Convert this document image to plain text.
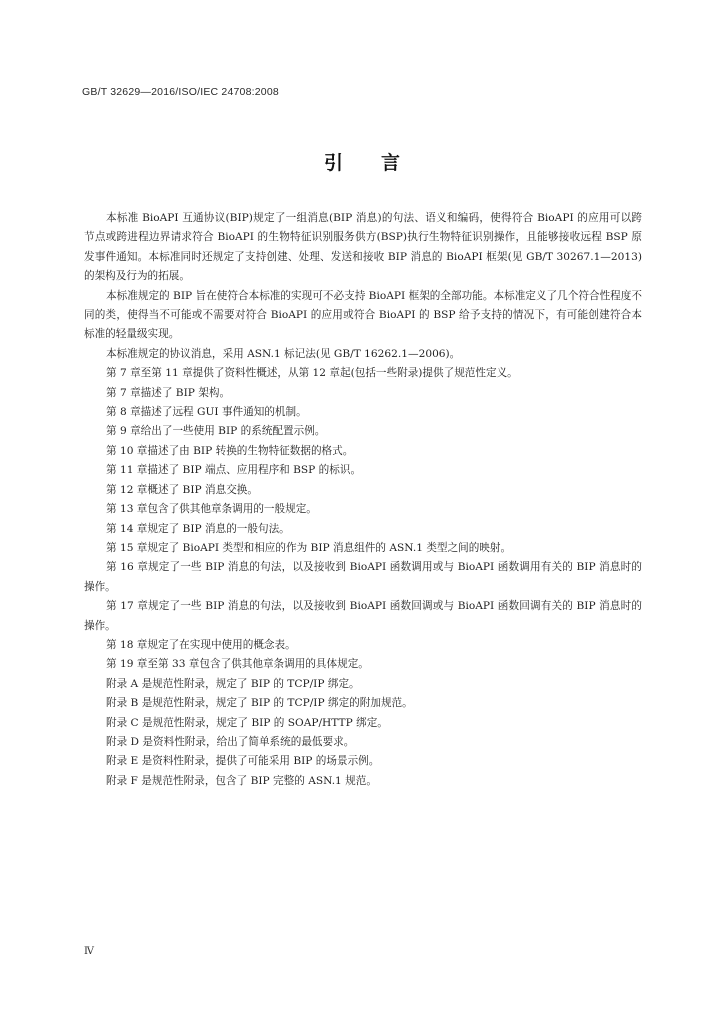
GB/T 32629—2016/ISO/IEC 24708:2008
引言

本标准 BioAPI 互通协议(BIP)规定了一组消息(BIP 消息)的句法、语义和编码，使得符合 BioAPI 的应用可以跨节点或跨进程边界请求符合 BioAPI 的生物特征识别服务供方(BSP)执行生物特征识别操作，且能够接收远程 BSP 原发事件通知。本标准同时还规定了支持创建、处理、发送和接收 BIP 消息的 BioAPI 框架(见 GB/T 30267.1—2013)的架构及行为的拓展。

本标准规定的 BIP 旨在使符合本标准的实现可不必支持 BioAPI 框架的全部功能。本标准定义了几个符合性程度不同的类，使得当不可能或不需要对符合 BioAPI 的应用或符合 BioAPI 的 BSP 给予支持的情况下，有可能创建符合本标准的轻量级实现。

本标准规定的协议消息，采用 ASN.1 标记法(见 GB/T 16262.1—2006)。

第 7 章至第 11 章提供了资料性概述，从第 12 章起(包括一些附录)提供了规范性定义。

第 7 章描述了 BIP 架构。

第 8 章描述了远程 GUI 事件通知的机制。

第 9 章给出了一些使用 BIP 的系统配置示例。

第 10 章描述了由 BIP 转换的生物特征数据的格式。

第 11 章描述了 BIP 端点、应用程序和 BSP 的标识。

第 12 章概述了 BIP 消息交换。

第 13 章包含了供其他章条调用的一般规定。

第 14 章规定了 BIP 消息的一般句法。

第 15 章规定了 BioAPI 类型和相应的作为 BIP 消息组件的 ASN.1 类型之间的映射。

第 16 章规定了一些 BIP 消息的句法，以及接收到 BioAPI 函数调用或与 BioAPI 函数调用有关的 BIP 消息时的操作。

第 17 章规定了一些 BIP 消息的句法，以及接收到 BioAPI 函数回调或与 BioAPI 函数回调有关的 BIP 消息时的操作。

第 18 章规定了在实现中使用的概念表。

第 19 章至第 33 章包含了供其他章条调用的具体规定。

附录 A 是规范性附录，规定了 BIP 的 TCP/IP 绑定。

附录 B 是规范性附录，规定了 BIP 的 TCP/IP 绑定的附加规范。

附录 C 是规范性附录，规定了 BIP 的 SOAP/HTTP 绑定。

附录 D 是资料性附录，给出了简单系统的最低要求。

附录 E 是资料性附录，提供了可能采用 BIP 的场景示例。

附录 F 是规范性附录，包含了 BIP 完整的 ASN.1 规范。

Ⅳ
